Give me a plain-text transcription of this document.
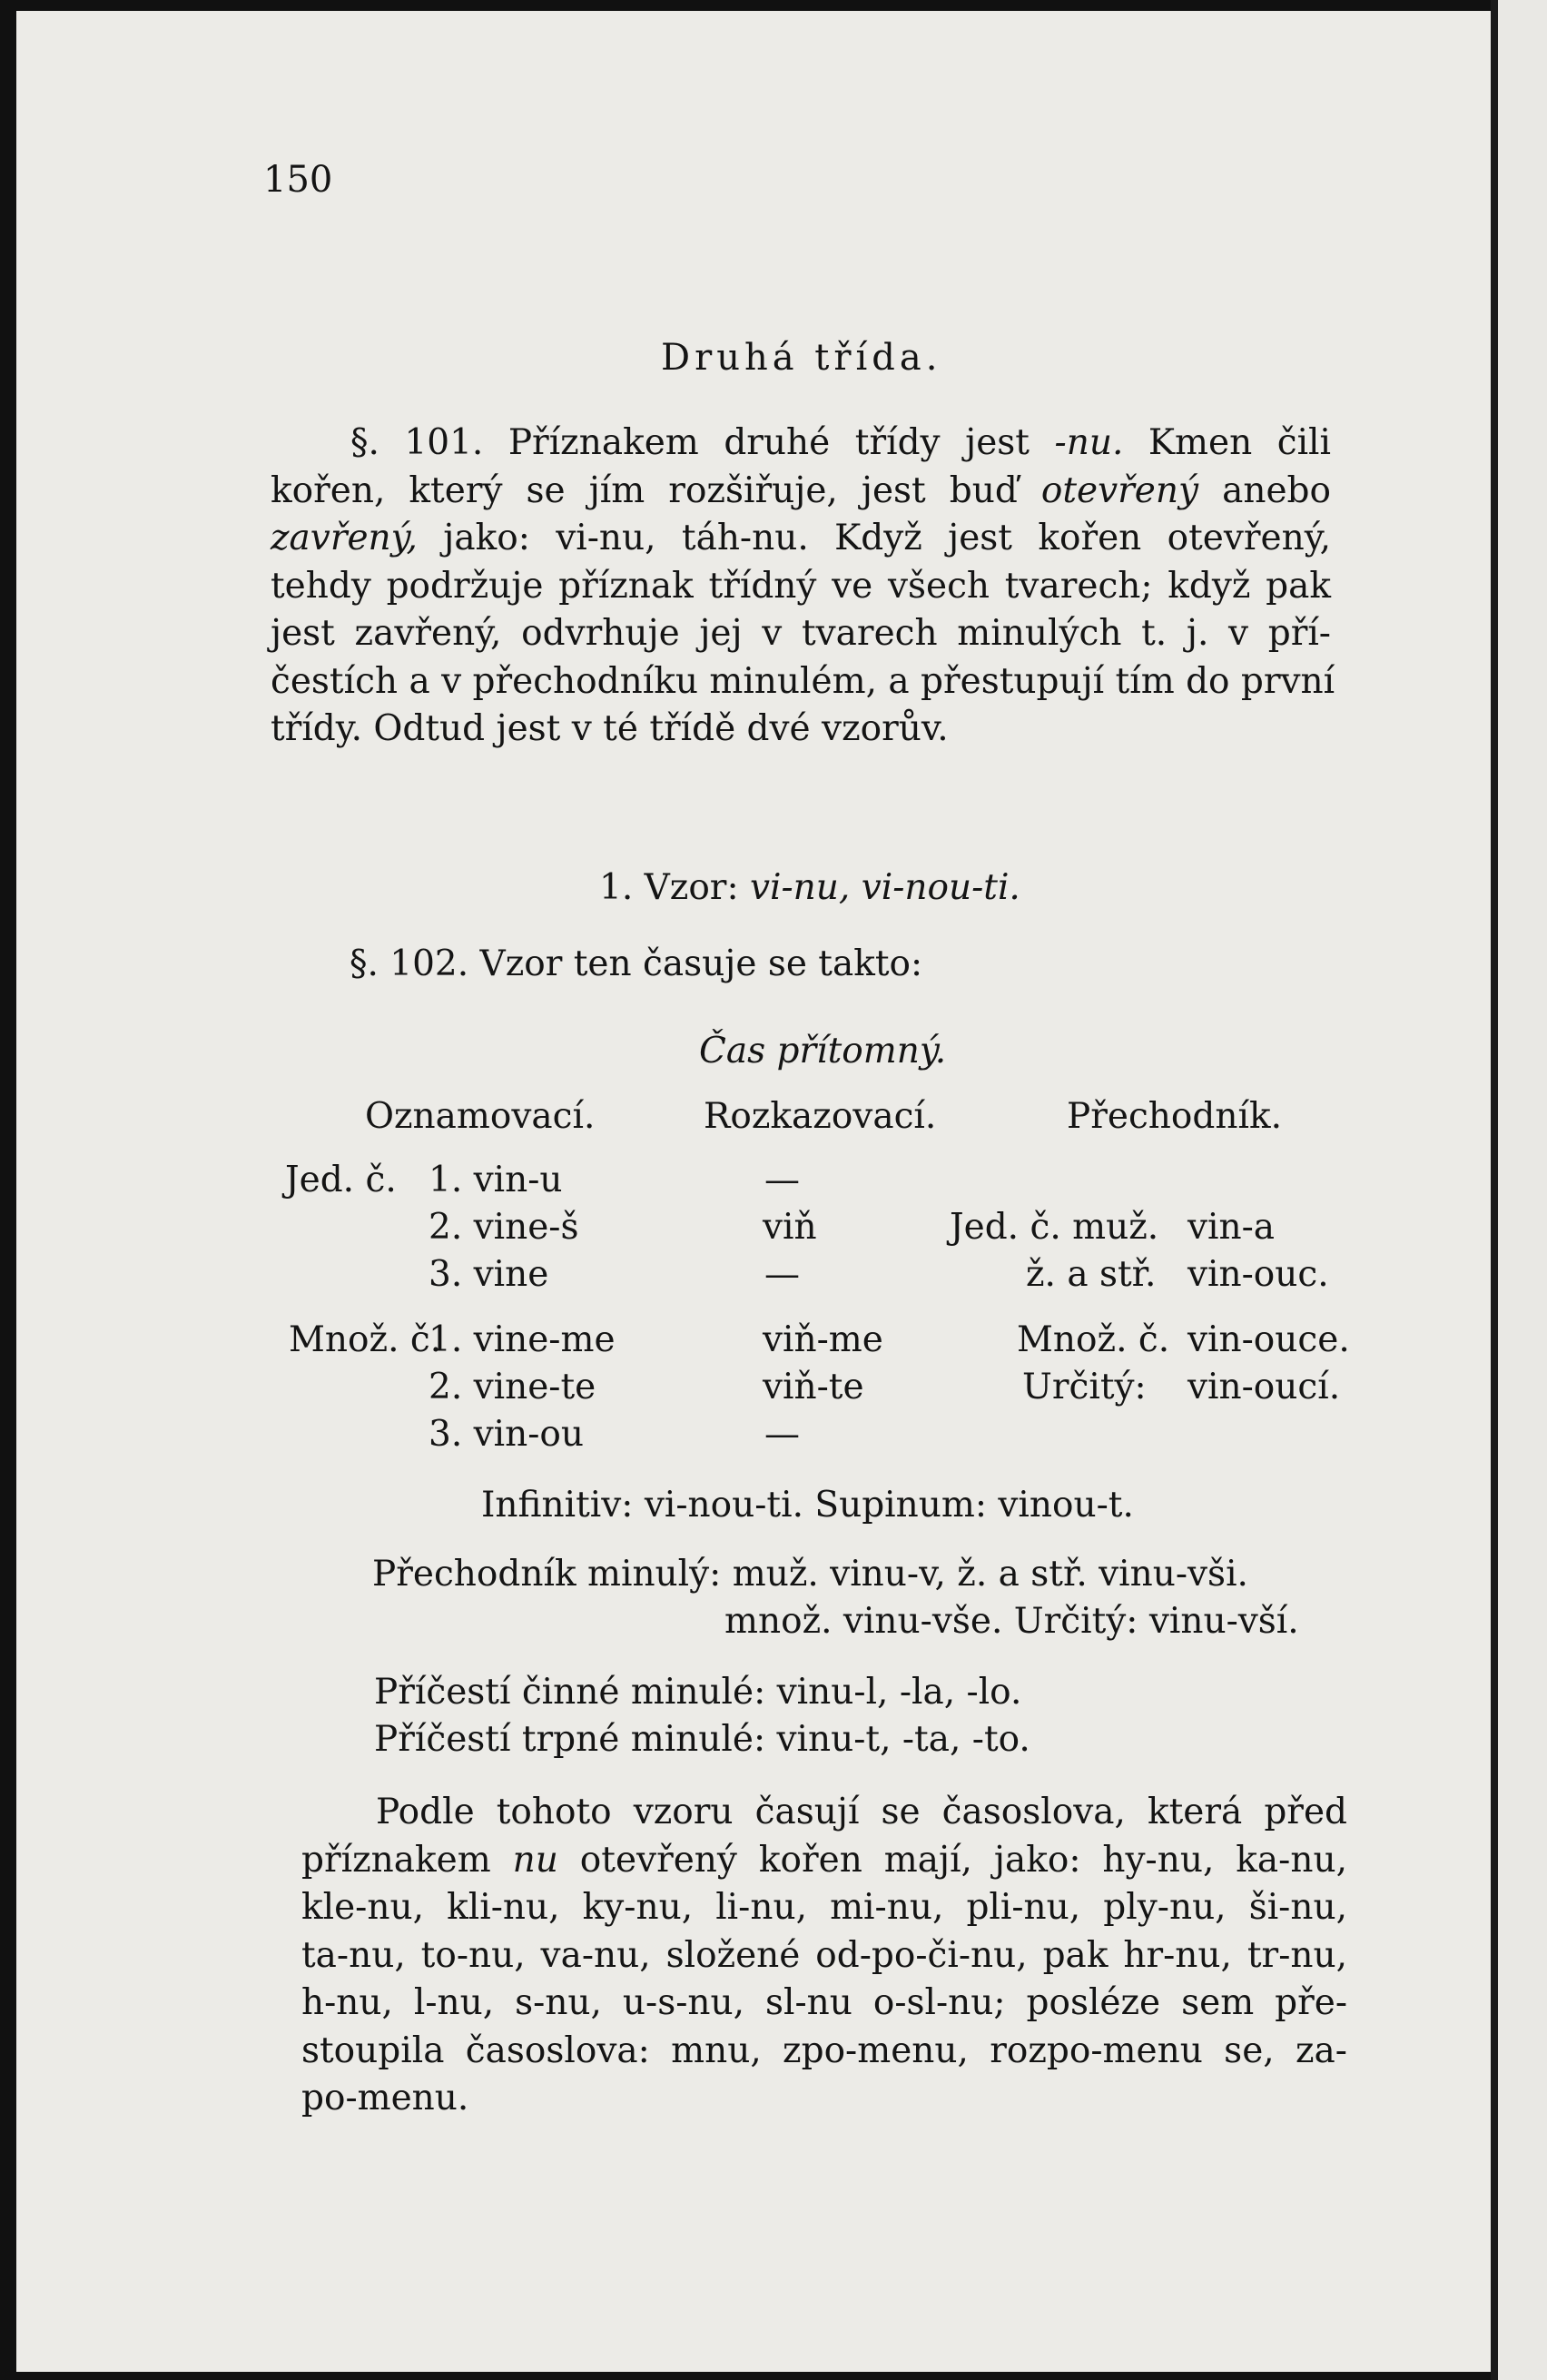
150
Druhá třída.
§. 101. Příznakem druhé třídy jest -nu. Kmen čili
kořen, který se jím rozšiřuje, jest buď otevřený anebo
zavřený, jako: vi-nu, táh-nu. Když jest kořen otevřený,
tehdy podržuje příznak třídný ve všech tvarech; když pak
jest zavřený, odvrhuje jej v tvarech minulých t. j. v pří-
čestích a v přechodníku minulém, a přestupují tím do první
třídy. Odtud jest v té třídě dvé vzorův.
1. Vzor: vi-nu, vi-nou-ti.
§. 102. Vzor ten časuje se takto:
Čas přítomný.
Oznamovací.	Rozkazovací.	Přechodník.
Jed. č. 1. vin-u
2. vine-š
3. vine
—
viň
—
Jed. č. muž. vin-a
ž. a stř. vin-ouc.
Množ. č.
1. vine-me
2. vine-te
3. vin-ou
viň-me
viň-te
—
Množ. č. vin-ouce.
Určitý: vin-oucí.
Infinitiv: vi-nou-ti. Supinum: vinou-t.
Přechodník minulý: muž. vinu-v, ž. a stř. vinu-vši.
množ. vinu-vše. Určitý: vinu-vší.
Příčestí činné minulé: vinu-l, -la, -lo.
Příčestí trpné minulé: vinu-t, -ta, -to.
Podle tohoto vzoru časují se časoslova, která před
příznakem nu otevřený kořen mají, jako: hy-nu, ka-nu,
kle-nu, kli-nu, ky-nu, li-nu, mi-nu, pli-nu, ply-nu, ši-nu,
ta-nu, to-nu, va-nu, složené od-po-či-nu, pak hr-nu, tr-nu,
h-nu, l-nu, s-nu, u-s-nu, sl-nu o-sl-nu; posléze sem pře-
stoupila časoslova: mnu, zpo-menu, rozpo-menu se, za-
po-menu.
